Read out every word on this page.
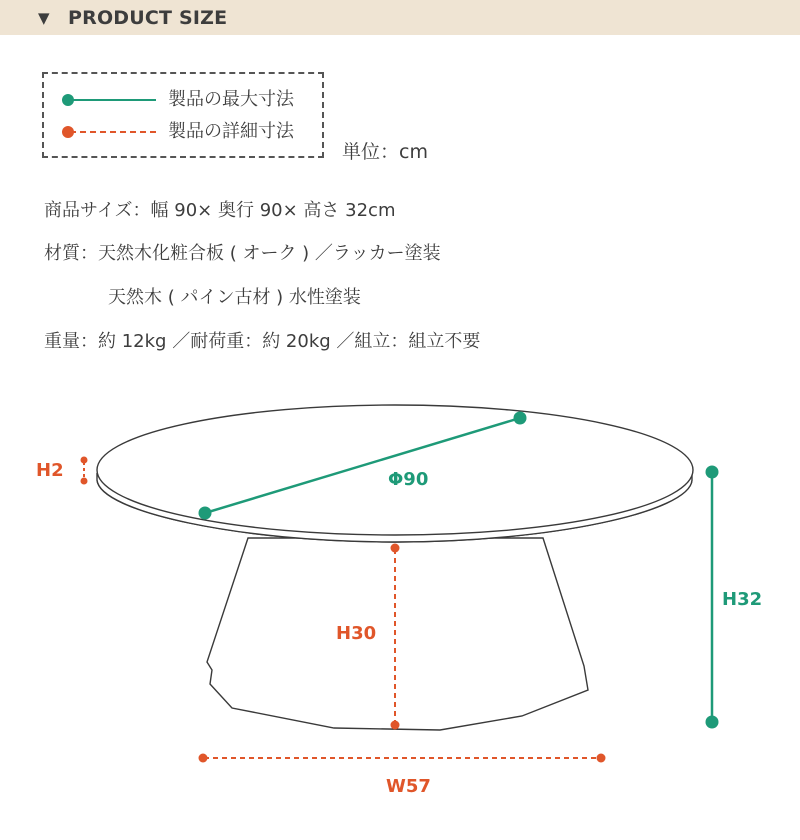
▼ PRODUCT SIZE
製品の最大寸法
製品の詳細寸法
単位：cm
商品サイズ：幅 90× 奥行 90× 高さ 32cm
材質：天然木化粧合板 ( オーク ) ／ラッカー塗装
天然木 ( パイン古材 ) 水性塗装
重量：約 12kg ／耐荷重：約 20kg ／組立：組立不要
H2	Φ90
H32
H30
W57
